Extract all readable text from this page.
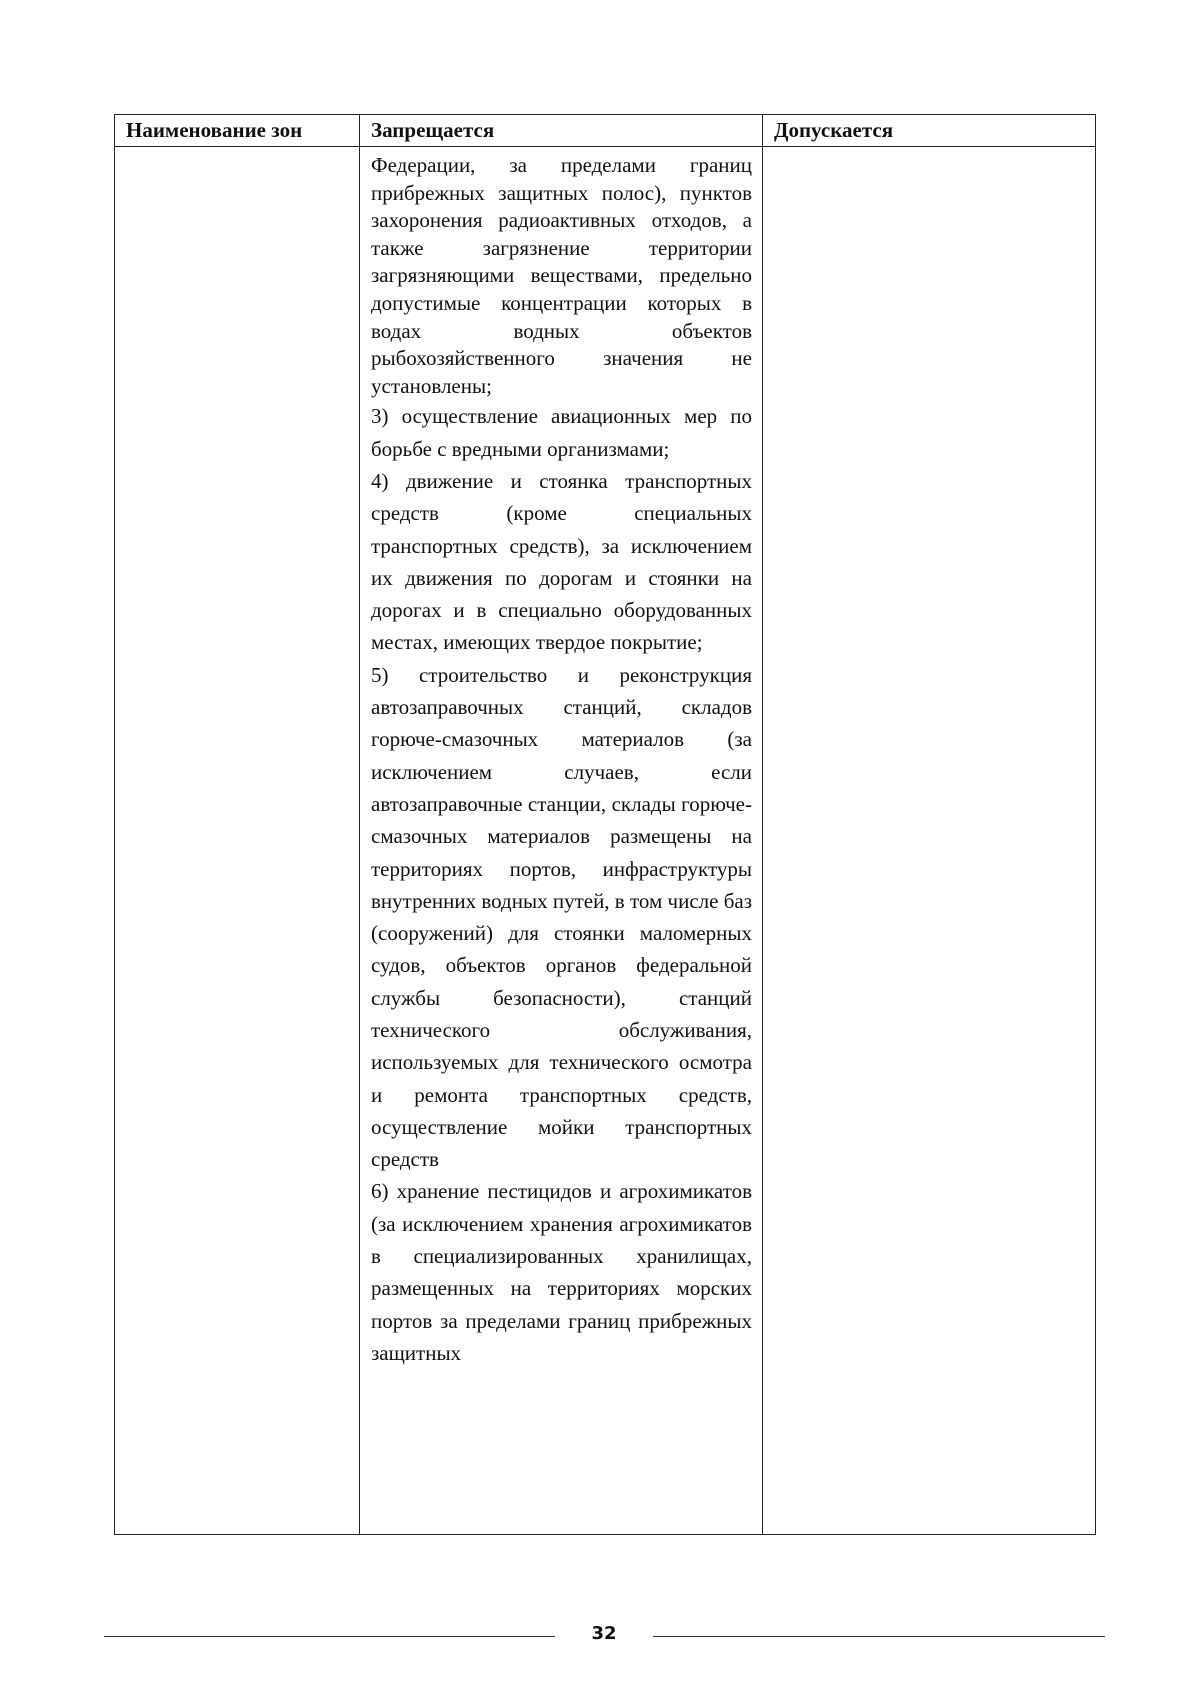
Наименование зон	Запрещается	Допускается

	Федерации, за пределами границ прибрежных защитных полос), пунктов захоронения радиоактивных отходов, а также загрязнение территории загрязняющими веществами, предельно допустимые концентрации которых в водах водных объектов рыбохозяйственного значения не установлены;

3) осуществление авиационных мер по борьбе с вредными организмами;

4) движение и стоянка транспортных средств (кроме специальных транспортных средств), за исключением их движения по дорогам и стоянки на дорогах и в специально оборудованных местах, имеющих твердое покрытие;

5) строительство и реконструкция автозаправочных станций, складов горюче-смазочных материалов (за исключением случаев, если автозаправочные станции, склады горюче-смазочных материалов размещены на территориях портов, инфраструктуры внутренних водных путей, в том числе баз (сооружений) для стоянки маломерных судов, объектов органов федеральной службы безопасности), станций технического обслуживания, используемых для технического осмотра и ремонта транспортных средств, осуществление мойки транспортных средств

6) хранение пестицидов и агрохимикатов (за исключением хранения агрохимикатов в специализированных хранилищах, размещенных на территориях морских портов за пределами границ прибрежных защитных	

32
